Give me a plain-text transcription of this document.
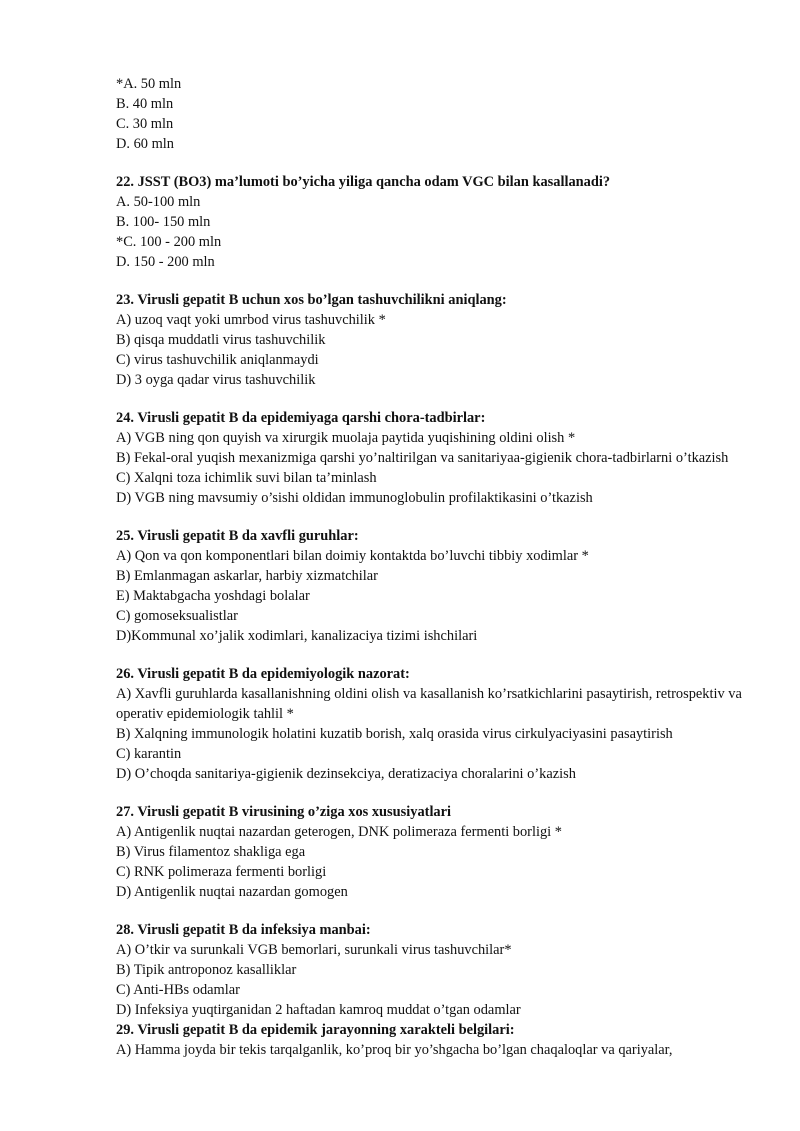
*A. 50 mln
B. 40 mln
C. 30 mln
D. 60 mln
22. JSST (BO3) ma’lumoti bo’yicha yiliga qancha odam VGC bilan kasallanadi?
A. 50-100 mln
B. 100- 150 mln
*C. 100 - 200 mln
D. 150 - 200 mln
23. Virusli gepatit B uchun xos bo’lgan tashuvchilikni aniqlang:
A) uzoq vaqt yoki umrbod virus tashuvchilik *
B) qisqa muddatli virus tashuvchilik
C) virus tashuvchilik aniqlanmaydi
D) 3 oyga qadar virus tashuvchilik
24. Virusli gepatit B da epidemiyaga qarshi chora-tadbirlar:
A) VGB ning qon quyish va xirurgik muolaja paytida yuqishining oldini olish *
B) Fekal-oral yuqish mexanizmiga qarshi yo’naltirilgan va sanitariyaa-gigienik chora-tadbirlarni o’tkazish
C) Xalqni toza ichimlik suvi bilan ta’minlash
D) VGB ning mavsumiy o’sishi oldidan immunoglobulin profilaktikasini o’tkazish
25. Virusli gepatit B da xavfli guruhlar:
A) Qon va qon komponentlari bilan doimiy kontaktda bo’luvchi tibbiy xodimlar *
B) Emlanmagan askarlar, harbiy xizmatchilar
E) Maktabgacha yoshdagi bolalar
C) gomoseksualistlar
D)Kommunal xo’jalik xodimlari, kanalizaciya tizimi ishchilari
26. Virusli gepatit B da epidemiyologik nazorat:
A) Xavfli guruhlarda kasallanishning oldini olish va kasallanish ko’rsatkichlarini pasaytirish, retrospektiv va operativ epidemiologik tahlil *
B) Xalqning immunologik holatini kuzatib borish, xalq orasida virus cirkulyaciyasini pasaytirish
C) karantin
D) O’choqda sanitariya-gigienik dezinsekciya, deratizaciya choralarini o’kazish
27. Virusli gepatit B virusining o’ziga xos xususiyatlari
A) Antigenlik nuqtai nazardan geterogen, DNK polimeraza fermenti borligi *
B) Virus filamentoz shakliga ega
C) RNK polimeraza fermenti borligi
D) Antigenlik nuqtai nazardan gomogen
28. Virusli gepatit B da infeksiya manbai:
A) O’tkir va surunkali VGB bemorlari, surunkali virus tashuvchilar*
B) Tipik antroponoz kasalliklar
C) Anti-HBs odamlar
D) Infeksiya yuqtirganidan 2 haftadan kamroq muddat o’tgan odamlar
29. Virusli gepatit B da epidemik jarayonning xarakteli belgilari:
A) Hamma joyda bir tekis tarqalganlik, ko’proq bir yo’shgacha bo’lgan chaqaloqlar va qariyalar,
